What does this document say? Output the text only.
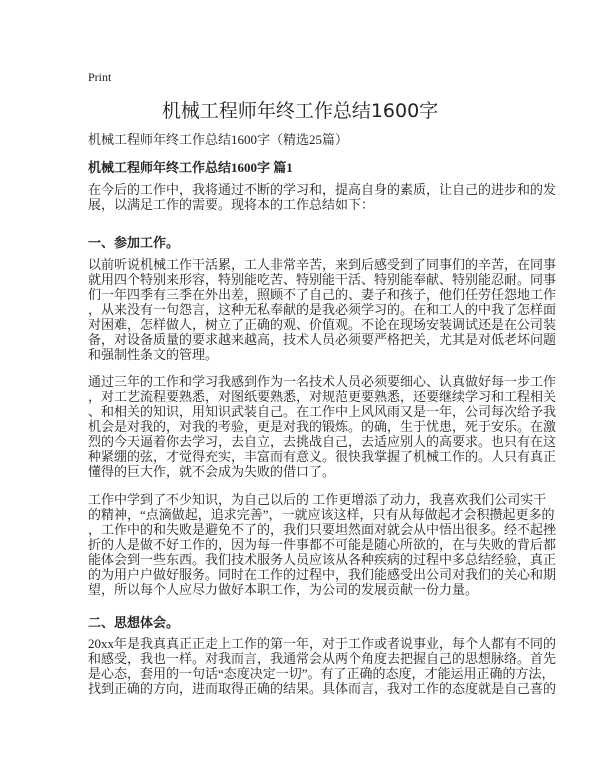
Print
机械工程师年终工作总结1600字
机械工程师年终工作总结1600字（精选25篇）
机械工程师年终工作总结1600字 篇1
在今后的工作中，我将通过不断的学习和，提高自身的素质，让自己的进步和的发
展，以满足工作的需要。现将本的工作总结如下：
一、参加工作。
以前听说机械工作干活累，工人非常辛苦，来到后感受到了同事们的辛苦，在同事
就用四个特别来形容，特别能吃苦、特别能干活、特别能奉献、特别能忍耐。同事
们一年四季有三季在外出差，照顾不了自己的、妻子和孩子，他们任劳任怨地工作
，从来没有一句怨言，这种无私奉献的是我必须学习的。在和工人的中我了怎样面
对困难，怎样做人，树立了正确的观、价值观。不论在现场安装调试还是在公司装
备，对设备质量的要求越来越高，技术人员必须要严格把关，尤其是对低老坏问题
和强制性条文的管理。
通过三年的工作和学习我感到作为一名技术人员必须要细心、认真做好每一步工作
，对工艺流程要熟悉，对图纸要熟悉，对规范更要熟悉，还要继续学习和工程相关
、和相关的知识，用知识武装自己。在工作中上风风雨又是一年，公司每次给予我
机会是对我的，对我的考验，更是对我的锻炼。的确，生于忧患，死于安乐。在激
烈的今天逼着你去学习，去自立，去挑战自己，去适应别人的高要求。也只有在这
种紧绷的弦，才觉得充实，丰富而有意义。很快我掌握了机械工作的。人只有真正
懂得的巨大作，就不会成为失败的借口了。
工作中学到了不少知识，为自己以后的 工作更增添了动力，我喜欢我们公司实干
的精神，“点滴做起，追求完善”，一就应该这样，只有从每做起才会积攒起更多的
，工作中的和失败是避免不了的，我们只要坦然面对就会从中悟出很多。经不起挫
折的人是做不好工作的，因为每一件事都不可能是随心所欲的，在与失败的背后都
能体会到一些东西。我们技术服务人员应该从各种疾病的过程中多总结经验，真正
的为用户户做好服务。同时在工作的过程中，我们能感受出公司对我们的关心和期
望，所以每个人应尽力做好本职工作，为公司的发展贡献一份力量。
二、思想体会。
20xx年是我真真正正走上工作的第一年，对于工作或者说事业，每个人都有不同的
和感受，我也一样。对我而言，我通常会从两个角度去把握自己的思想脉络。首先
是心态，套用的一句话“态度决定一切”。有了正确的态度，才能运用正确的方法，
找到正确的方向，进而取得正确的结果。具体而言，我对工作的态度就是自己喜的
